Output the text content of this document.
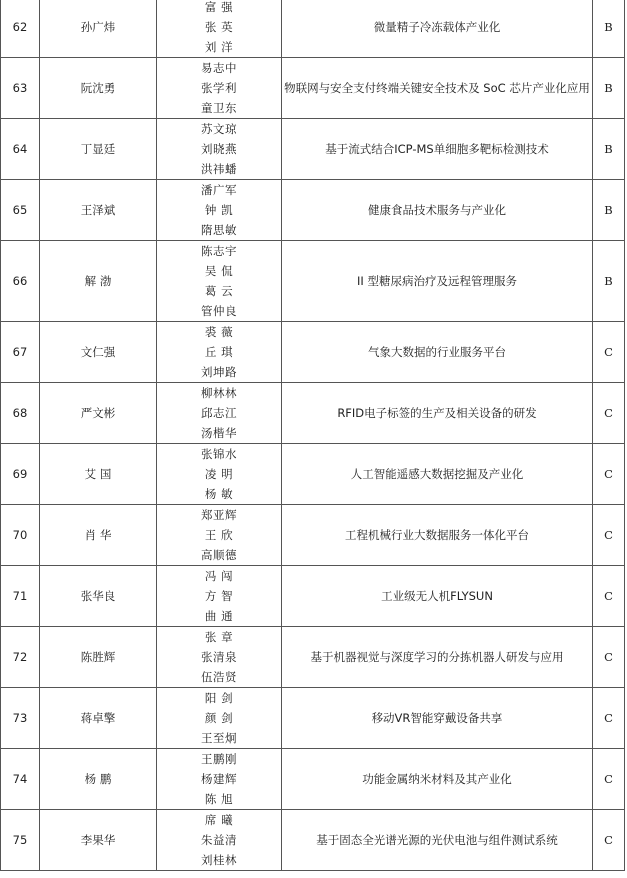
62	孙广炜	富 强
张 英
刘 洋	微量精子冷冻载体产业化	B
63	阮沈勇	易志中
张学利
童卫东	物联网与安全支付终端关键安全技术及 SoC 芯片产业化应用	B
64	丁显廷	苏文琼
刘晓燕
洪祎蟠	基于流式结合ICP-MS单细胞多靶标检测技术	B
65	王泽斌	潘广军
钟 凯
隋思敏	健康食品技术服务与产业化	B
66	解 渤	陈志宇
吴 侃
葛 云
管仲良	II 型糖尿病治疗及远程管理服务	B
67	文仁强	裘 薇
丘 琪
刘坤路	气象大数据的行业服务平台	C
68	严文彬	柳林林
邱志江
汤楷华	RFID电子标签的生产及相关设备的研发	C
69	艾 国	张锦水
凌 明
杨 敏	人工智能遥感大数据挖掘及产业化	C
70	肖 华	郑亚辉
王 欣
高顺德	工程机械行业大数据服务一体化平台	C
71	张华良	冯 闯
方 智
曲 通	工业级无人机FLYSUN	C
72	陈胜辉	张 章
张清泉
伍浩贤	基于机器视觉与深度学习的分拣机器人研发与应用	C
73	蒋卓擎	阳 剑
颜 剑
王至炯	移动VR智能穿戴设备共享	C
74	杨 鹏	王鹏刚
杨建辉
陈 旭	功能金属纳米材料及其产业化	C
75	李果华	席 曦
朱益清
刘桂林	基于固态全光谱光源的光伏电池与组件测试系统	C
